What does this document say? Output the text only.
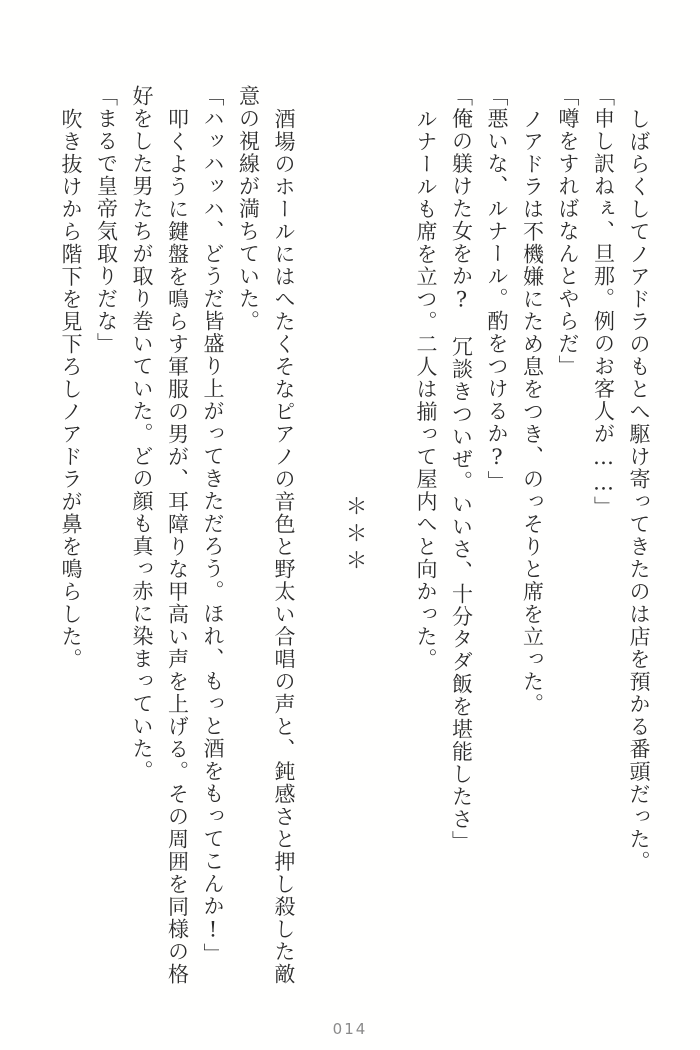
しばらくしてノアドラのもとへ駆け寄ってきたのは店を預かる番頭だった。
「申し訳ねぇ、旦那。例のお客人が……」
「噂をすればなんとやらだ」
ノアドラは不機嫌にため息をつき、のっそりと席を立った。
「悪いな、ルナール。酌をつけるか?」
「俺の躾けた女をか?　冗談きついぜ。いいさ、十分タダ飯を堪能したさ」
ルナールも席を立つ。二人は揃って屋内へと向かった。

＊＊＊

酒場のホールにはへたくそなピアノの音色と野太い合唱の声と、鈍感さと押し殺した敵
意の視線が満ちていた。
「ハッハッハ、どうだ皆盛り上がってきただろう。ほれ、もっと酒をもってこんか!」
叩くように鍵盤を鳴らす軍服の男が、耳障りな甲高い声を上げる。その周囲を同様の格
好をした男たちが取り巻いていた。どの顔も真っ赤に染まっていた。
「まるで皇帝気取りだな」
吹き抜けから階下を見下ろしノアドラが鼻を鳴らした。
014
